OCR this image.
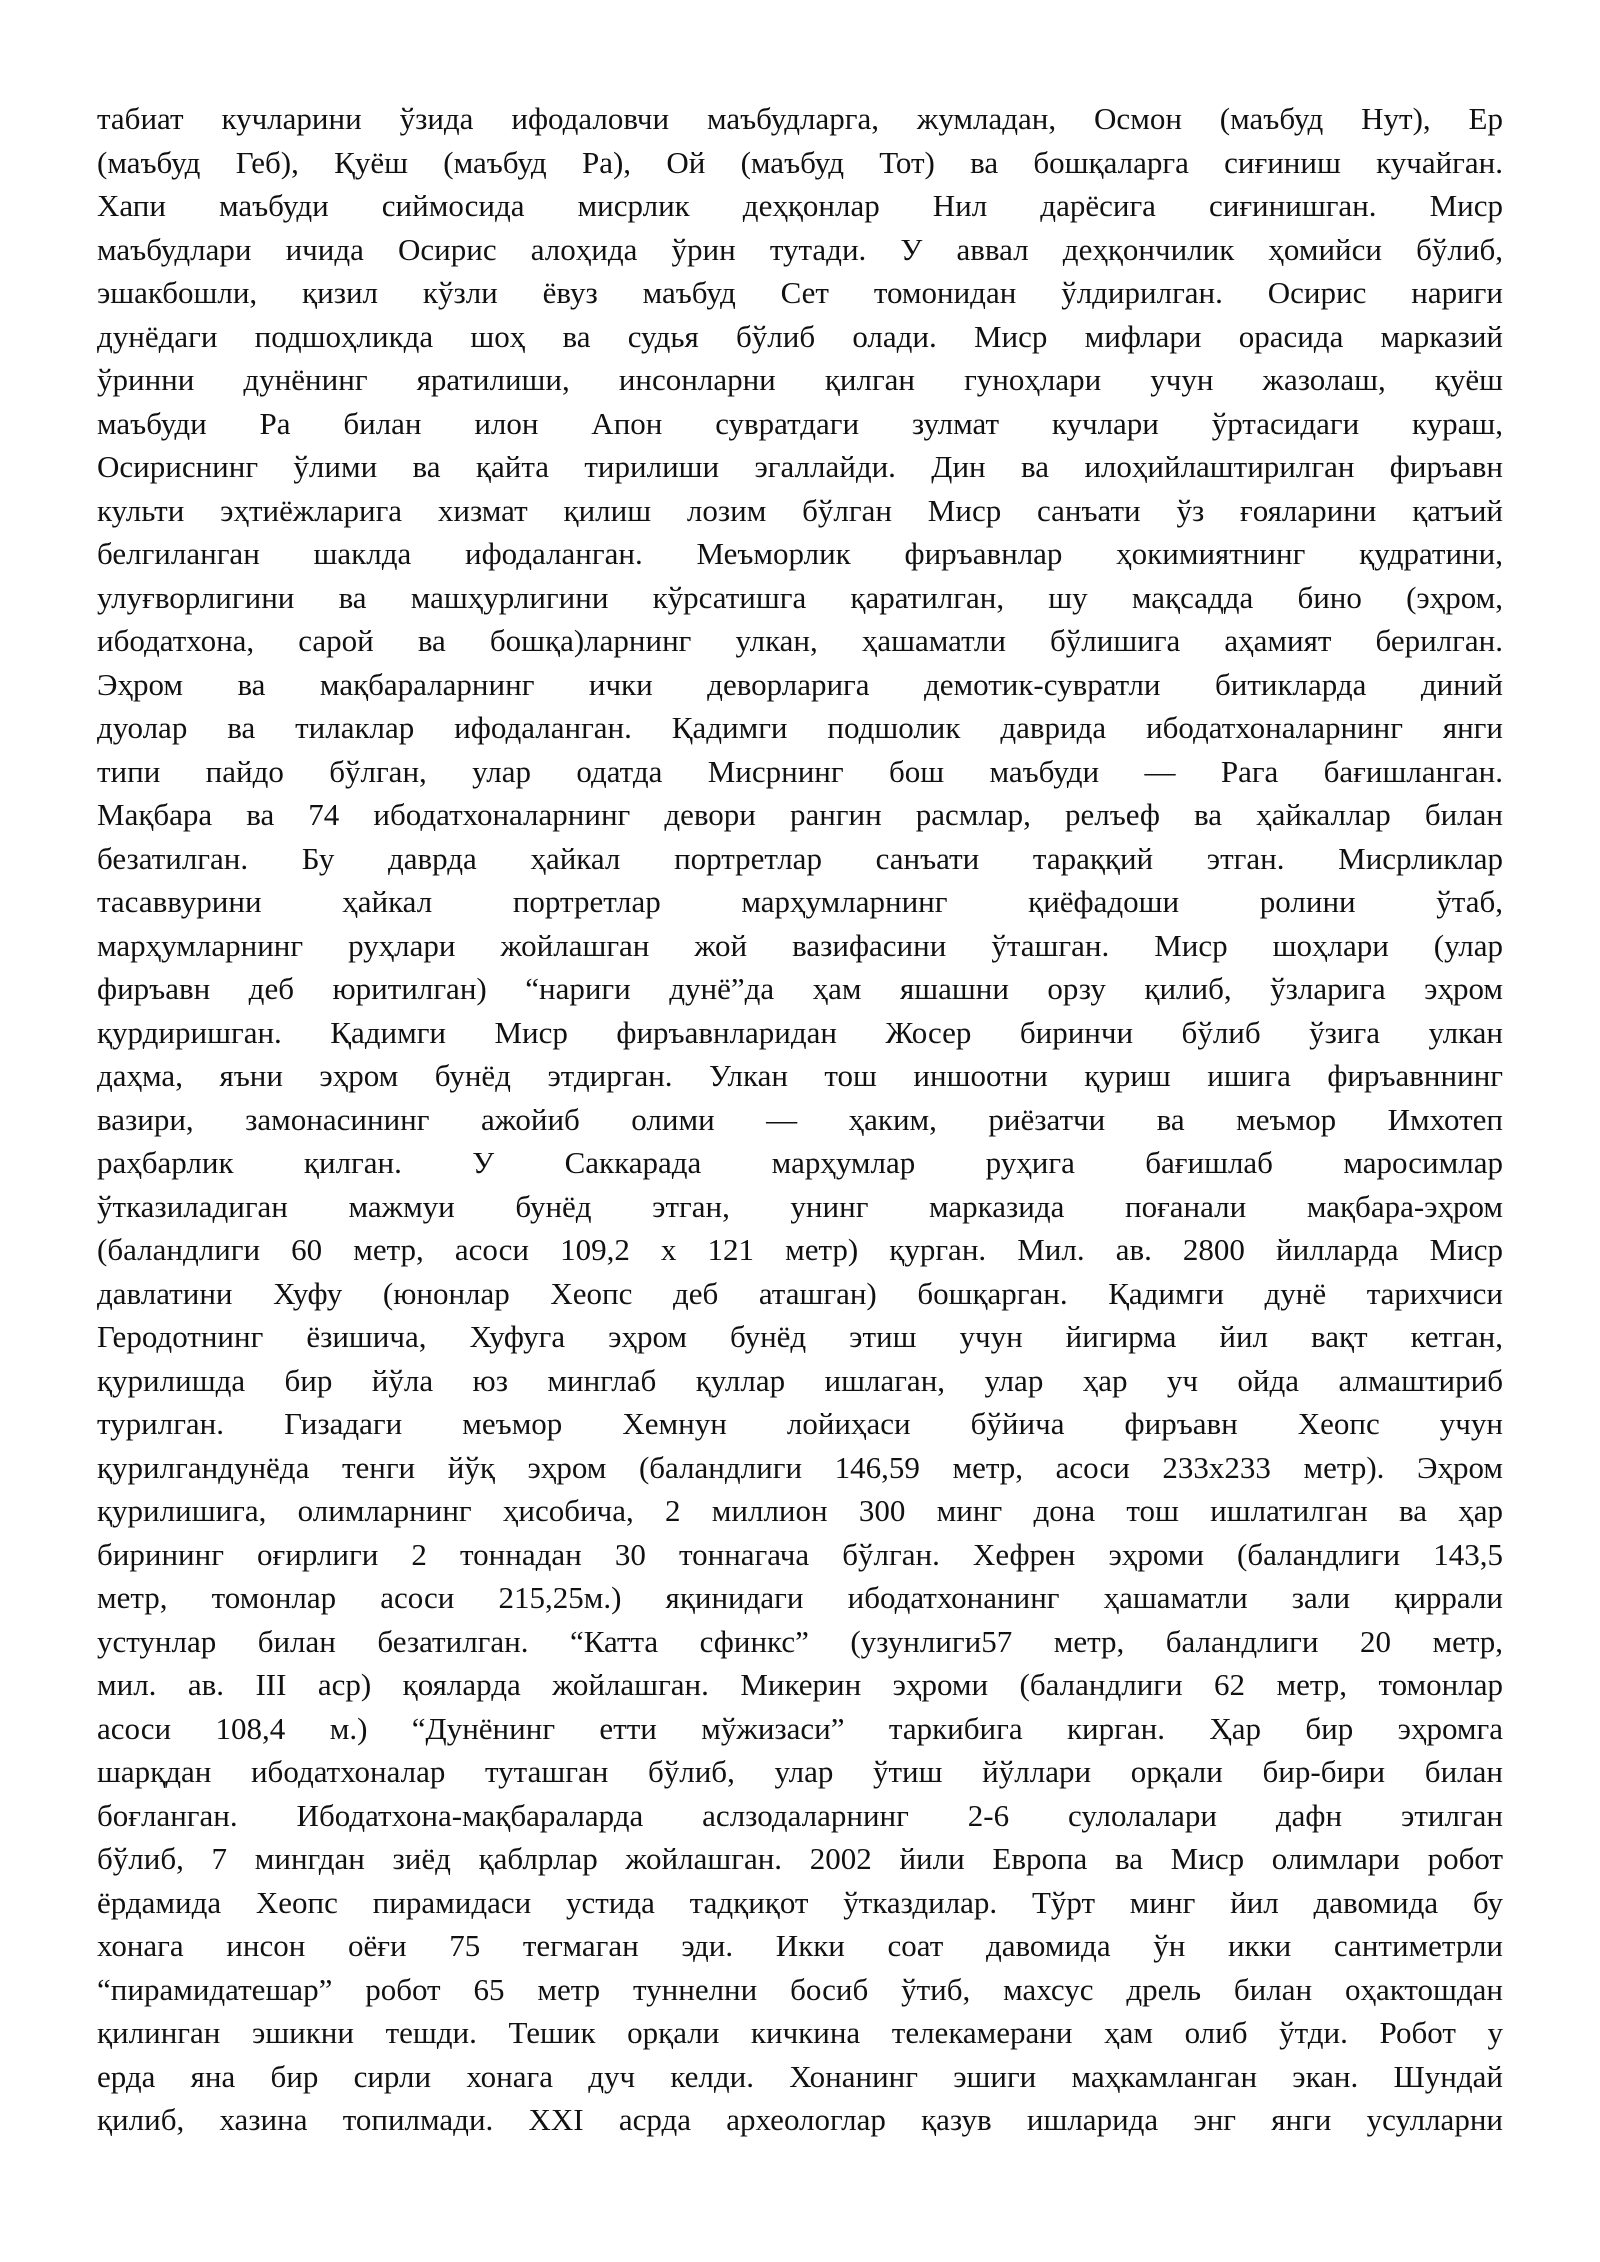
табиат кучларини ўзида ифодаловчи маъбудларга, жумладан, Осмон (маъбуд Нут), Ер
(маъбуд Геб), Қуёш (маъбуд Ра), Ой (маъбуд Тот) ва бошқаларга сиғиниш кучайган.
Хапи маъбуди сиймосида мисрлик деҳқонлар Нил дарёсига сиғинишган. Миср
маъбудлари ичида Осирис алоҳида ўрин тутади. У аввал деҳқончилик ҳомийси бўлиб,
эшакбошли, қизил кўзли ёвуз маъбуд Сет томонидан ўлдирилган. Осирис нариги
дунёдаги подшоҳликда шоҳ ва судья бўлиб олади. Миср мифлари орасида марказий
ўринни дунёнинг яратилиши, инсонларни қилган гуноҳлари учун жазолаш, қуёш
маъбуди Ра билан илон Апон сувратдаги зулмат кучлари ўртасидаги кураш,
Осириснинг ўлими ва қайта тирилиши эгаллайди. Дин ва илоҳийлаштирилган фиръавн
культи эҳтиёжларига хизмат қилиш лозим бўлган Миср санъати ўз ғояларини қатъий
белгиланган шаклда ифодаланган. Меъморлик фиръавнлар ҳокимиятнинг қудратини,
улуғворлигини ва машҳурлигини кўрсатишга қаратилган, шу мақсадда бино (эҳром,
ибодатхона, сарой ва бошқа)ларнинг улкан, ҳашаматли бўлишига аҳамият берилган.
Эҳром ва мақбараларнинг ички деворларига демотик-сувратли битикларда диний
дуолар ва тилаклар ифодаланган. Қадимги подшолик даврида ибодатхоналарнинг янги
типи пайдо бўлган, улар одатда Мисрнинг бош маъбуди — Рага бағишланган.
Мақбара ва 74 ибодатхоналарнинг девори рангин расмлар, релъеф ва ҳайкаллар билан
безатилган. Бу даврда ҳайкал портретлар санъати тараққий этган. Мисрликлар
тасаввурини ҳайкал портретлар марҳумларнинг қиёфадоши ролини ўтаб,
марҳумларнинг руҳлари жойлашган жой вазифасини ўташган. Миср шоҳлари (улар
фиръавн деб юритилган) “нариги дунё”да ҳам яшашни орзу қилиб, ўзларига эҳром
қурдиришган. Қадимги Миср фиръавнларидан Жосер биринчи бўлиб ўзига улкан
даҳма, яъни эҳром бунёд этдирган. Улкан тош иншоотни қуриш ишига фиръавннинг
вазири, замонасининг ажойиб олими — ҳаким, риёзатчи ва меъмор Имхотеп
раҳбарлик қилган. У Саккарада марҳумлар руҳига бағишлаб маросимлар
ўтказиладиган мажмуи бунёд этган, унинг марказида поғанали мақбара-эҳром
(баландлиги 60 метр, асоси 109,2 х 121 метр) қурган. Мил. ав. 2800 йилларда Миср
давлатини Хуфу (юнонлар Хеопс деб аташган) бошқарган. Қадимги дунё тарихчиси
Геродотнинг ёзишича, Хуфуга эҳром бунёд этиш учун йигирма йил вақт кетган,
қурилишда бир йўла юз минглаб қуллар ишлаган, улар ҳар уч ойда алмаштириб
турилган. Гизадаги меъмор Хемнун лойиҳаси бўйича фиръавн Хеопс учун
қурилгандунёда тенги йўқ эҳром (баландлиги 146,59 метр, асоси 233х233 метр). Эҳром
қурилишига, олимларнинг ҳисобича, 2 миллион 300 минг дона тош ишлатилган ва ҳар
бирининг оғирлиги 2 тоннадан 30 тоннагача бўлган. Хефрен эҳроми (баландлиги 143,5
метр, томонлар асоси 215,25м.) яқинидаги ибодатхонанинг ҳашаматли зали қиррали
устунлар билан безатилган. “Катта сфинкс” (узунлиги57 метр, баландлиги 20 метр,
мил. ав. III аср) қояларда жойлашган. Микерин эҳроми (баландлиги 62 метр, томонлар
асоси 108,4 м.) “Дунёнинг етти мўжизаси” таркибига кирган. Ҳар бир эҳромга
шарқдан ибодатхоналар туташган бўлиб, улар ўтиш йўллари орқали бир-бири билан
боғланган. Ибодатхона-мақбараларда аслзодаларнинг 2-6 сулолалари дафн этилган
бўлиб, 7 мингдан зиёд қаблрлар жойлашган. 2002 йили Европа ва Миср олимлари робот
ёрдамида Хеопс пирамидаси устида тадқиқот ўтказдилар. Тўрт минг йил давомида бу
хонага инсон оёғи 75 тегмаган эди. Икки соат давомида ўн икки сантиметрли
“пирамидатешар” робот 65 метр туннелни босиб ўтиб, махсус дрель билан оҳактошдан
қилинган эшикни тешди. Тешик орқали кичкина телекамерани ҳам олиб ўтди. Робот у
ерда яна бир сирли хонага дуч келди. Хонанинг эшиги маҳкамланган экан. Шундай
қилиб, хазина топилмади. XXI асрда археологлар қазув ишларида энг янги усулларни
